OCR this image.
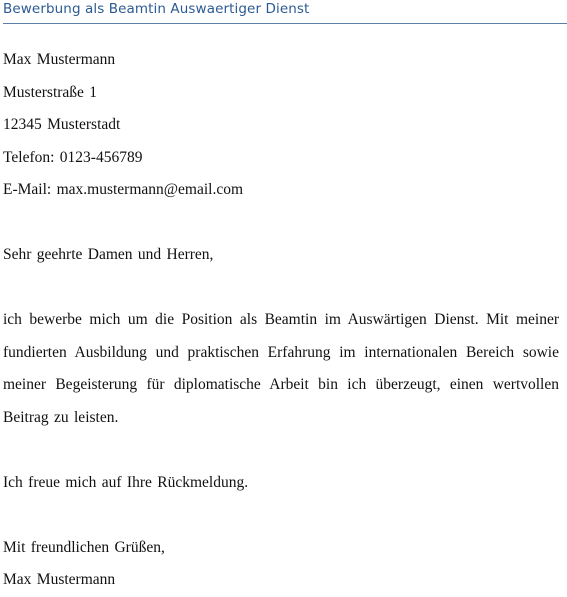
Bewerbung als Beamtin Auswaertiger Dienst
Max Mustermann
Musterstraße 1
12345 Musterstadt
Telefon: 0123-456789
E-Mail: max.mustermann@email.com
Sehr geehrte Damen und Herren,
ich bewerbe mich um die Position als Beamtin im Auswärtigen Dienst. Mit meiner
fundierten Ausbildung und praktischen Erfahrung im internationalen Bereich sowie
meiner Begeisterung für diplomatische Arbeit bin ich überzeugt, einen wertvollen
Beitrag zu leisten.
Ich freue mich auf Ihre Rückmeldung.
Mit freundlichen Grüßen,
Max Mustermann
